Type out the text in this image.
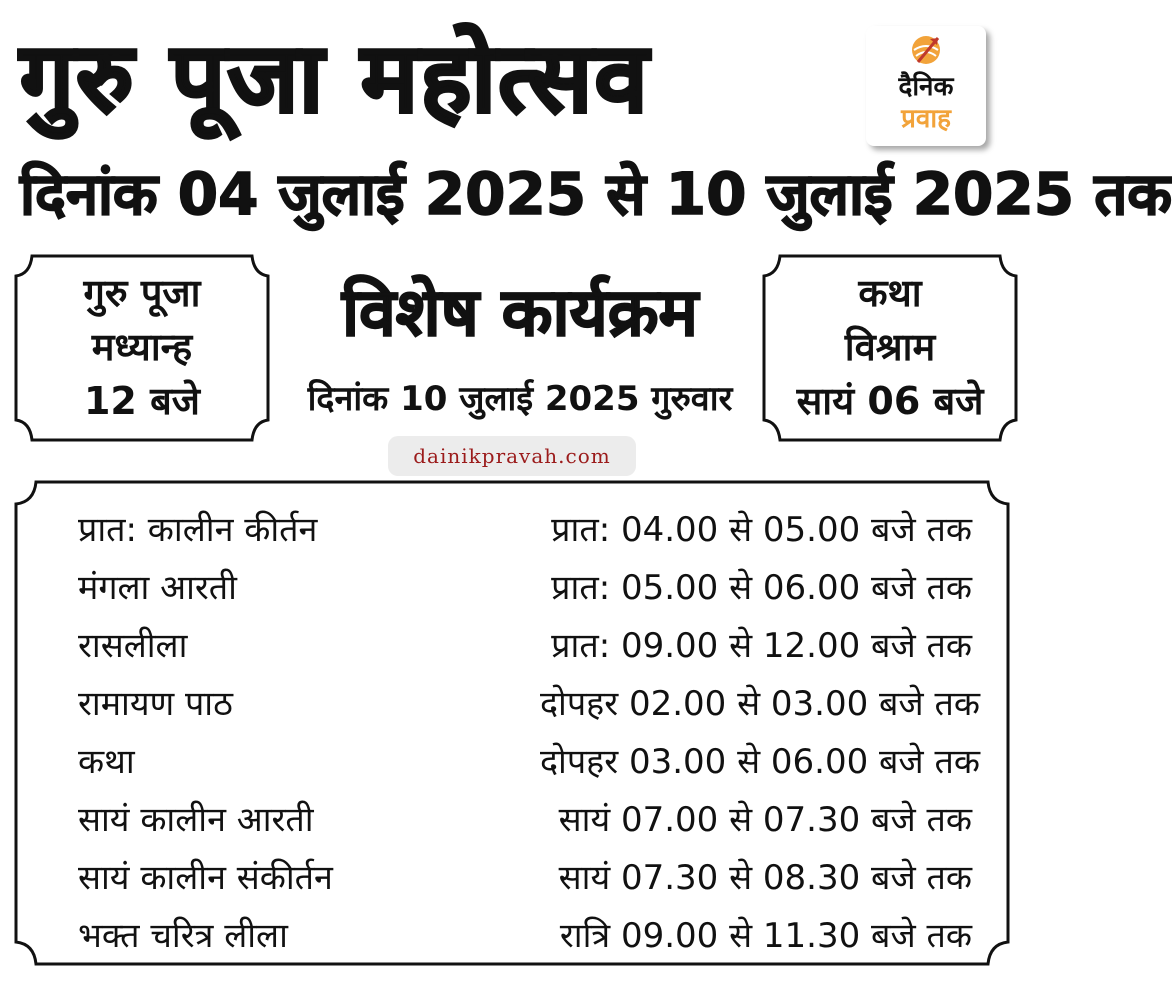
गुरु पूजा महोत्सव
दिनांक 04 जुलाई 2025 से 10 जुलाई 2025 तक
दैनिक
प्रवाह
गुरु पूजा
मध्यान्ह
12 बजे
विशेष कार्यक्रम
दिनांक 10 जुलाई 2025 गुरुवार
dainikpravah.com
कथा
विश्राम
सायं 06 बजे
प्रात: कालीन कीर्तन	प्रात: 04.00 से 05.00 बजे तक
मंगला आरती	प्रात: 05.00 से 06.00 बजे तक
रासलीला	प्रात: 09.00 से 12.00 बजे तक
रामायण पाठ	दोपहर 02.00 से 03.00 बजे तक
कथा	दोपहर 03.00 से 06.00 बजे तक
सायं कालीन आरती	सायं 07.00 से 07.30 बजे तक
सायं कालीन संकीर्तन	सायं 07.30 से 08.30 बजे तक
भक्त चरित्र लीला	रात्रि 09.00 से 11.30 बजे तक
